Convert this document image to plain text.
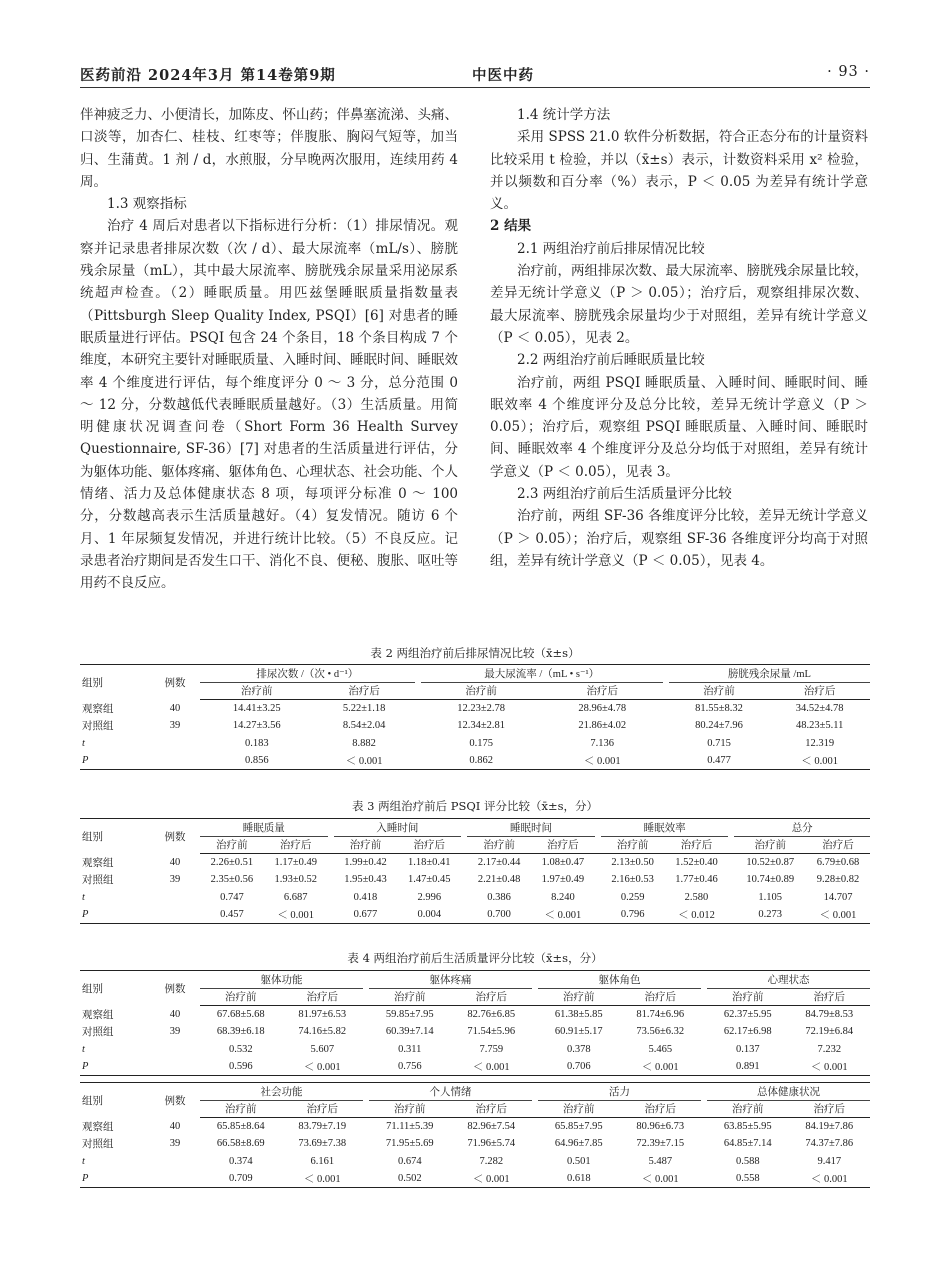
医药前沿 2024年3月 第14卷第9期	中医中药	· 93 ·

伴神疲乏力、小便清长，加陈皮、怀山药；伴鼻塞流涕、头痛、口淡等，加杏仁、桂枝、红枣等；伴腹胀、胸闷气短等，加当归、生蒲黄。1 剂 / d，水煎服，分早晚两次服用，连续用药 4 周。

1.3 观察指标

治疗 4 周后对患者以下指标进行分析：（1）排尿情况。观察并记录患者排尿次数（次 / d）、最大尿流率（mL/s）、膀胱残余尿量（mL），其中最大尿流率、膀胱残余尿量采用泌尿系统超声检查。（2）睡眠质量。用匹兹堡睡眠质量指数量表（Pittsburgh Sleep Quality Index, PSQI）[6] 对患者的睡眠质量进行评估。PSQI 包含 24 个条目，18 个条目构成 7 个维度，本研究主要针对睡眠质量、入睡时间、睡眠时间、睡眠效率 4 个维度进行评估，每个维度评分 0 ～ 3 分，总分范围 0 ～ 12 分，分数越低代表睡眠质量越好。（3）生活质量。用简明健康状况调查问卷（Short Form 36 Health Survey Questionnaire, SF-36）[7] 对患者的生活质量进行评估，分为躯体功能、躯体疼痛、躯体角色、心理状态、社会功能、个人情绪、活力及总体健康状态 8 项，每项评分标准 0 ～ 100 分，分数越高表示生活质量越好。（4）复发情况。随访 6 个月、1 年尿频复发情况，并进行统计比较。（5）不良反应。记录患者治疗期间是否发生口干、消化不良、便秘、腹胀、呕吐等用药不良反应。

1.4 统计学方法

采用 SPSS 21.0 软件分析数据，符合正态分布的计量资料比较采用 t 检验，并以（x̄±s）表示，计数资料采用 x² 检验，并以频数和百分率（%）表示，P ＜ 0.05 为差异有统计学意义。

2 结果

2.1 两组治疗前后排尿情况比较

治疗前，两组排尿次数、最大尿流率、膀胱残余尿量比较，差异无统计学意义（P ＞ 0.05）；治疗后，观察组排尿次数、最大尿流率、膀胱残余尿量均少于对照组，差异有统计学意义（P ＜ 0.05），见表 2。

2.2 两组治疗前后睡眠质量比较

治疗前，两组 PSQI 睡眠质量、入睡时间、睡眠时间、睡眠效率 4 个维度评分及总分比较，差异无统计学意义（P ＞ 0.05）；治疗后，观察组 PSQI 睡眠质量、入睡时间、睡眠时间、睡眠效率 4 个维度评分及总分均低于对照组，差异有统计学意义（P ＜ 0.05），见表 3。

2.3 两组治疗前后生活质量评分比较

治疗前，两组 SF-36 各维度评分比较，差异无统计学意义（P ＞ 0.05）；治疗后，观察组 SF-36 各维度评分均高于对照组，差异有统计学意义（P ＜ 0.05），见表 4。

表 2 两组治疗前后排尿情况比较（x̄±s）
组别	例数	排尿次数 /（次 • d⁻¹）			最大尿流率 /（mL • s⁻¹）			膀胱残余尿量 /mL	
		治疗前	治疗后		治疗前	治疗后		治疗前	治疗后
观察组	40	14.41±3.25	5.22±1.18		12.23±2.78	28.96±4.78		81.55±8.32	34.52±4.78
对照组	39	14.27±3.56	8.54±2.04		12.34±2.81	21.86±4.02		80.24±7.96	48.23±5.11
t		0.183	8.882		0.175	7.136		0.715	12.319
P		0.856	＜ 0.001		0.862	＜ 0.001		0.477	＜ 0.001
表 3 两组治疗前后 PSQI 评分比较（x̄±s，分）
组别	例数	睡眠质量			入睡时间			睡眠时间			睡眠效率			总分	
		治疗前	治疗后		治疗前	治疗后		治疗前	治疗后		治疗前	治疗后		治疗前	治疗后
观察组	40	2.26±0.51	1.17±0.49		1.99±0.42	1.18±0.41		2.17±0.44	1.08±0.47		2.13±0.50	1.52±0.40		10.52±0.87	6.79±0.68
对照组	39	2.35±0.56	1.93±0.52		1.95±0.43	1.47±0.45		2.21±0.48	1.97±0.49		2.16±0.53	1.77±0.46		10.74±0.89	9.28±0.82
t		0.747	6.687		0.418	2.996		0.386	8.240		0.259	2.580		1.105	14.707
P		0.457	＜ 0.001		0.677	0.004		0.700	＜ 0.001		0.796	＜ 0.012		0.273	＜ 0.001
表 4 两组治疗前后生活质量评分比较（x̄±s，分）
组别	例数	躯体功能			躯体疼痛			躯体角色			心理状态	
		治疗前	治疗后		治疗前	治疗后		治疗前	治疗后		治疗前	治疗后
观察组	40	67.68±5.68	81.97±6.53		59.85±7.95	82.76±6.85		61.38±5.85	81.74±6.96		62.37±5.95	84.79±8.53
对照组	39	68.39±6.18	74.16±5.82		60.39±7.14	71.54±5.96		60.91±5.17	73.56±6.32		62.17±6.98	72.19±6.84
t		0.532	5.607		0.311	7.759		0.378	5.465		0.137	7.232
P		0.596	＜ 0.001		0.756	＜ 0.001		0.706	＜ 0.001		0.891	＜ 0.001
组别	例数	社会功能			个人情绪			活力			总体健康状况	
		治疗前	治疗后		治疗前	治疗后		治疗前	治疗后		治疗前	治疗后
观察组	40	65.85±8.64	83.79±7.19		71.11±5.39	82.96±7.54		65.85±7.95	80.96±6.73		63.85±5.95	84.19±7.86
对照组	39	66.58±8.69	73.69±7.38		71.95±5.69	71.96±5.74		64.96±7.85	72.39±7.15		64.85±7.14	74.37±7.86
t		0.374	6.161		0.674	7.282		0.501	5.487		0.588	9.417
P		0.709	＜ 0.001		0.502	＜ 0.001		0.618	＜ 0.001		0.558	＜ 0.001
